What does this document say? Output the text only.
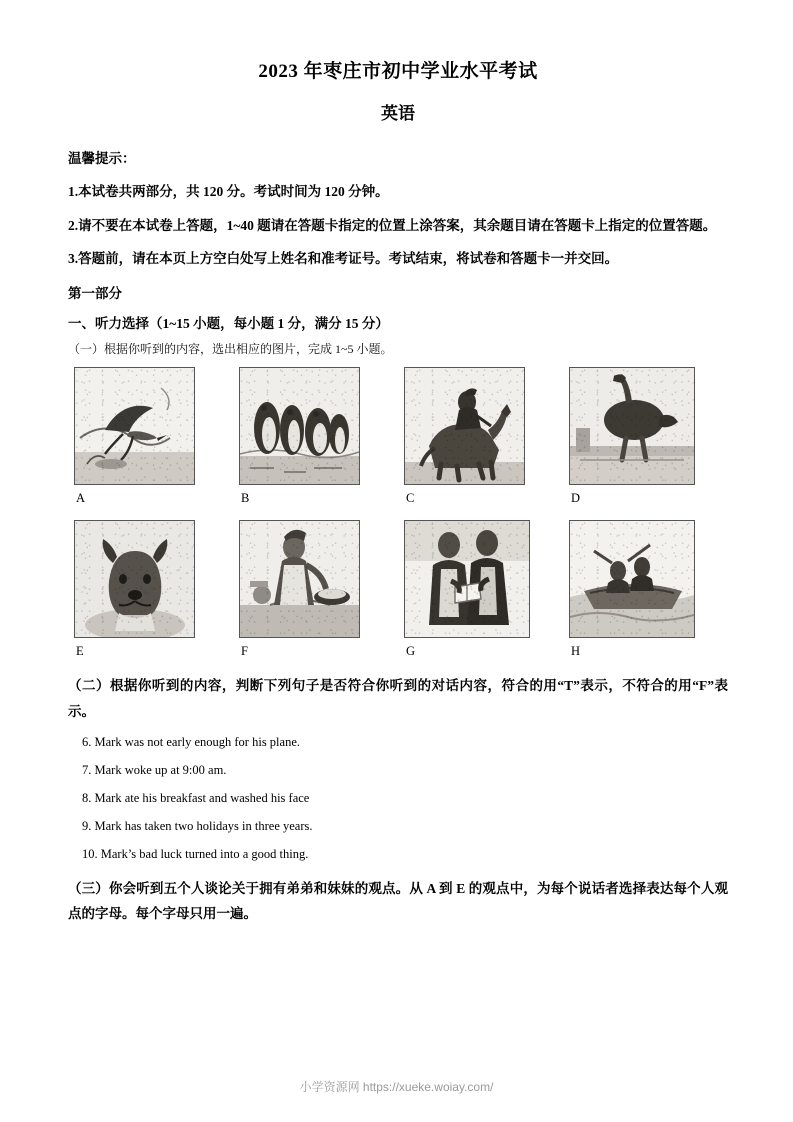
2023 年枣庄市初中学业水平考试
英语

温馨提示：

1.本试卷共两部分，共 120 分。考试时间为 120 分钟。

2.请不要在本试卷上答题，1~40 题请在答题卡指定的位置上涂答案，其余题目请在答题卡上指定的位置答题。

3.答题前，请在本页上方空白处写上姓名和准考证号。考试结束，将试卷和答题卡一并交回。

第一部分

一、听力选择（1~15 小题，每小题 1 分，满分 15 分）

（一）根据你听到的内容，选出相应的图片，完成 1~5 小题。

A	B	C	D
E	F	G	H

（二）根据你听到的内容，判断下列句子是否符合你听到的对话内容，符合的用“T”表示，不符合的用“F”表示。

6. Mark was not early enough for his plane.

7. Mark woke up at 9:00 am.

8. Mark ate his breakfast and washed his face

9. Mark has taken two holidays in three years.

10. Mark’s bad luck turned into a good thing.

（三）你会听到五个人谈论关于拥有弟弟和妹妹的观点。从 A 到 E 的观点中，为每个说话者选择表达每个人观点的字母。每个字母只用一遍。

小学资源网 https://xueke.woiay.com/
